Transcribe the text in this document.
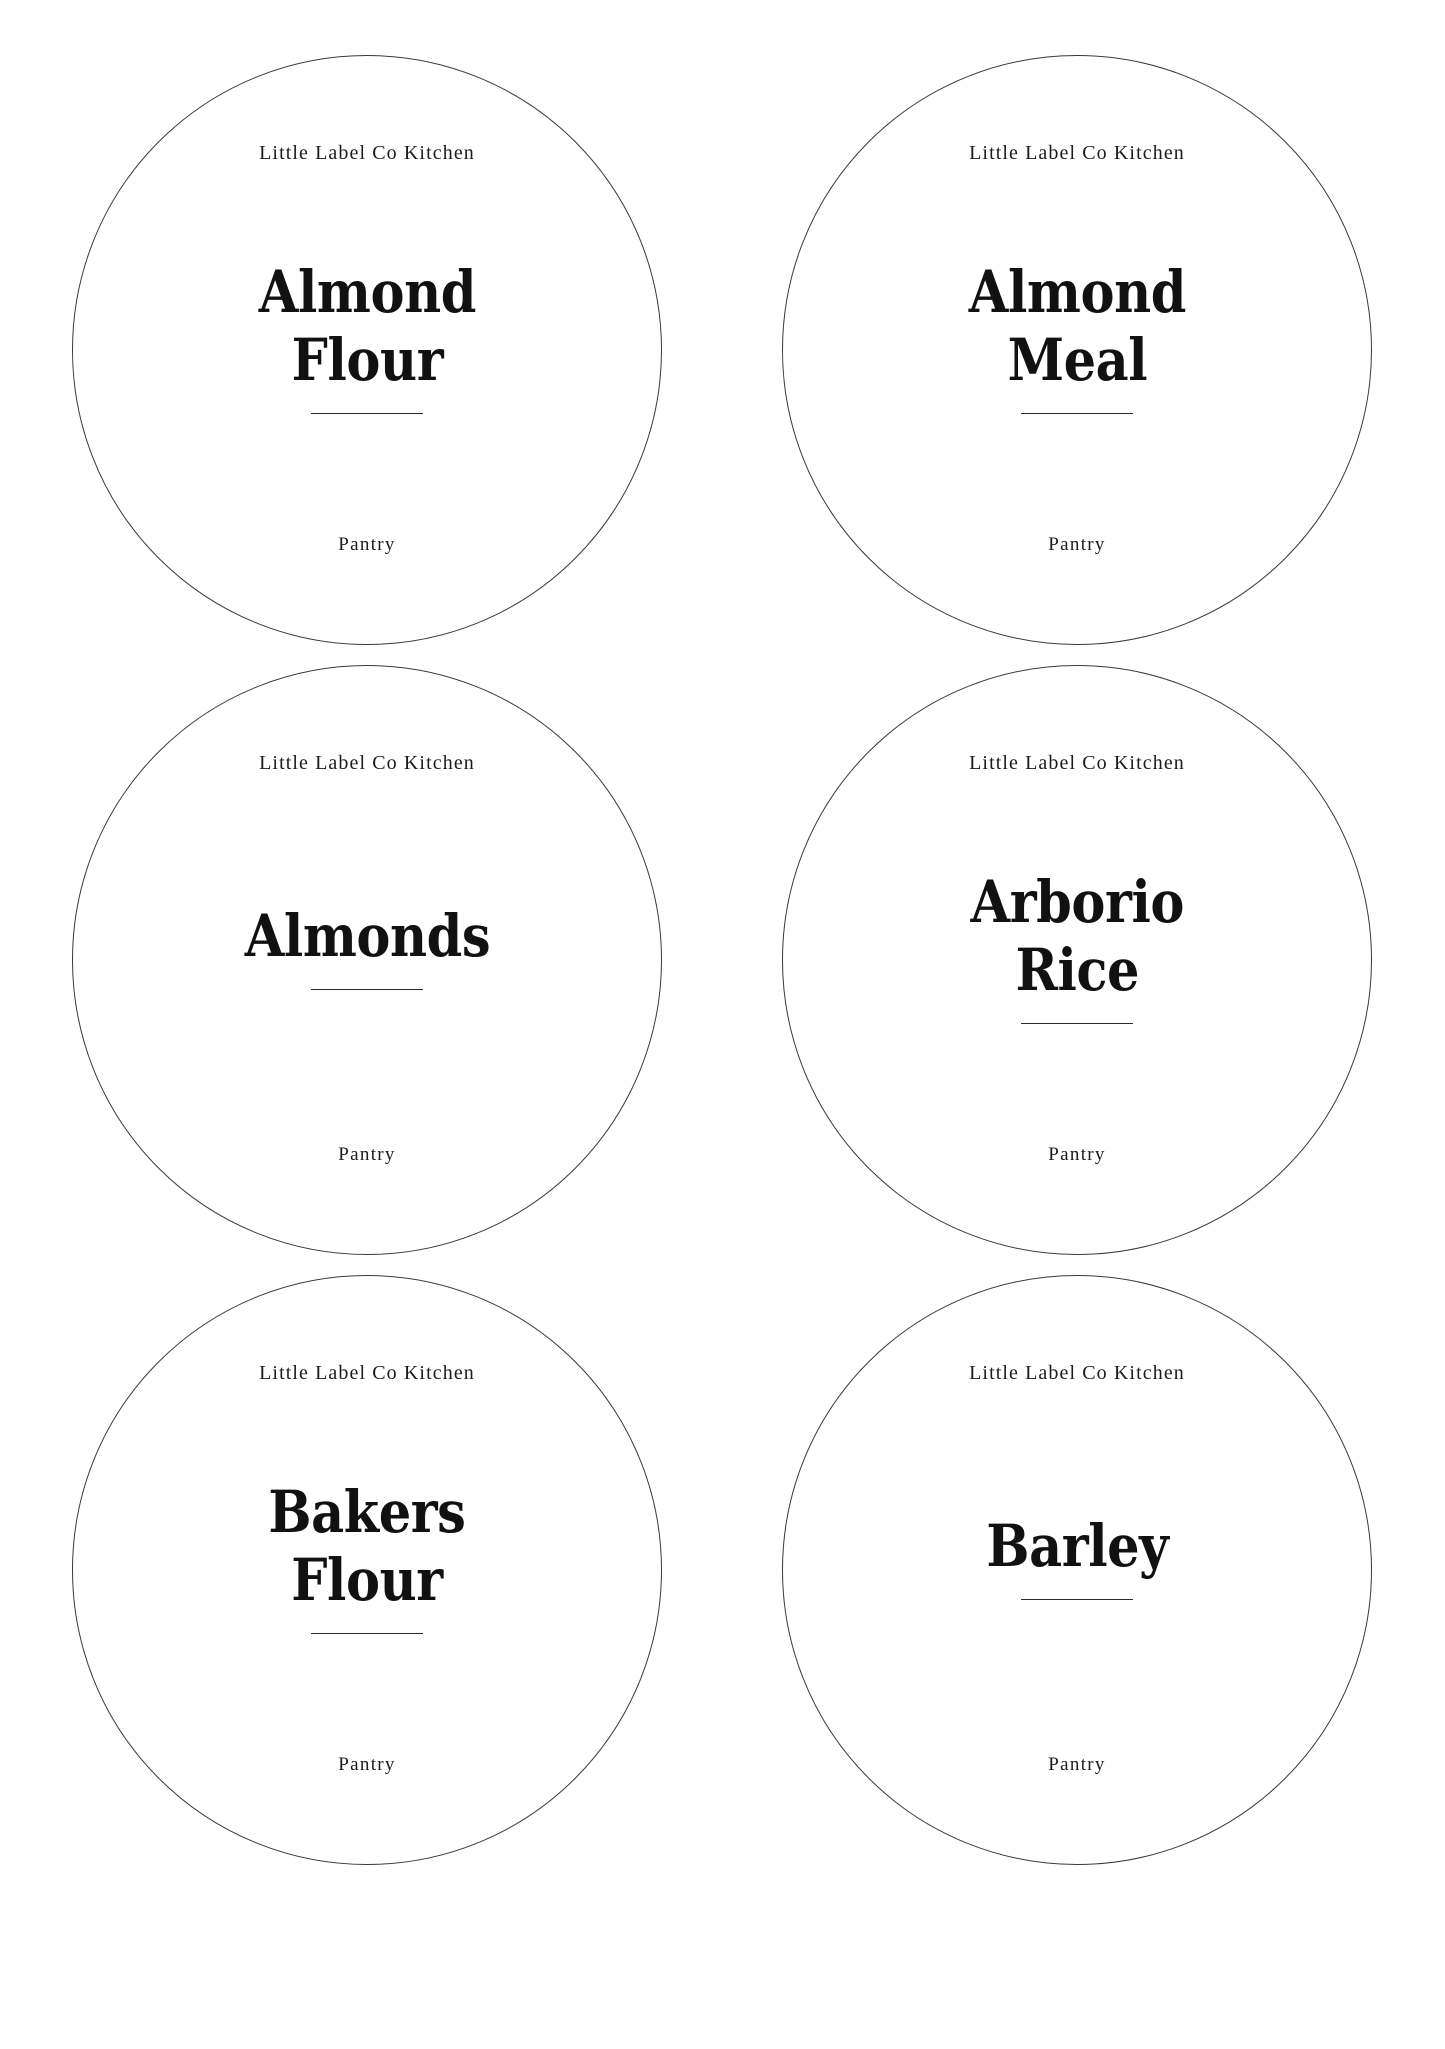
Little Label Co Kitchen
Almond
Flour
Pantry
Little Label Co Kitchen
Almond
Meal
Pantry
Little Label Co Kitchen
Almonds
Pantry
Little Label Co Kitchen
Arborio
Rice
Pantry
Little Label Co Kitchen
Bakers
Flour
Pantry
Little Label Co Kitchen
Barley
Pantry
